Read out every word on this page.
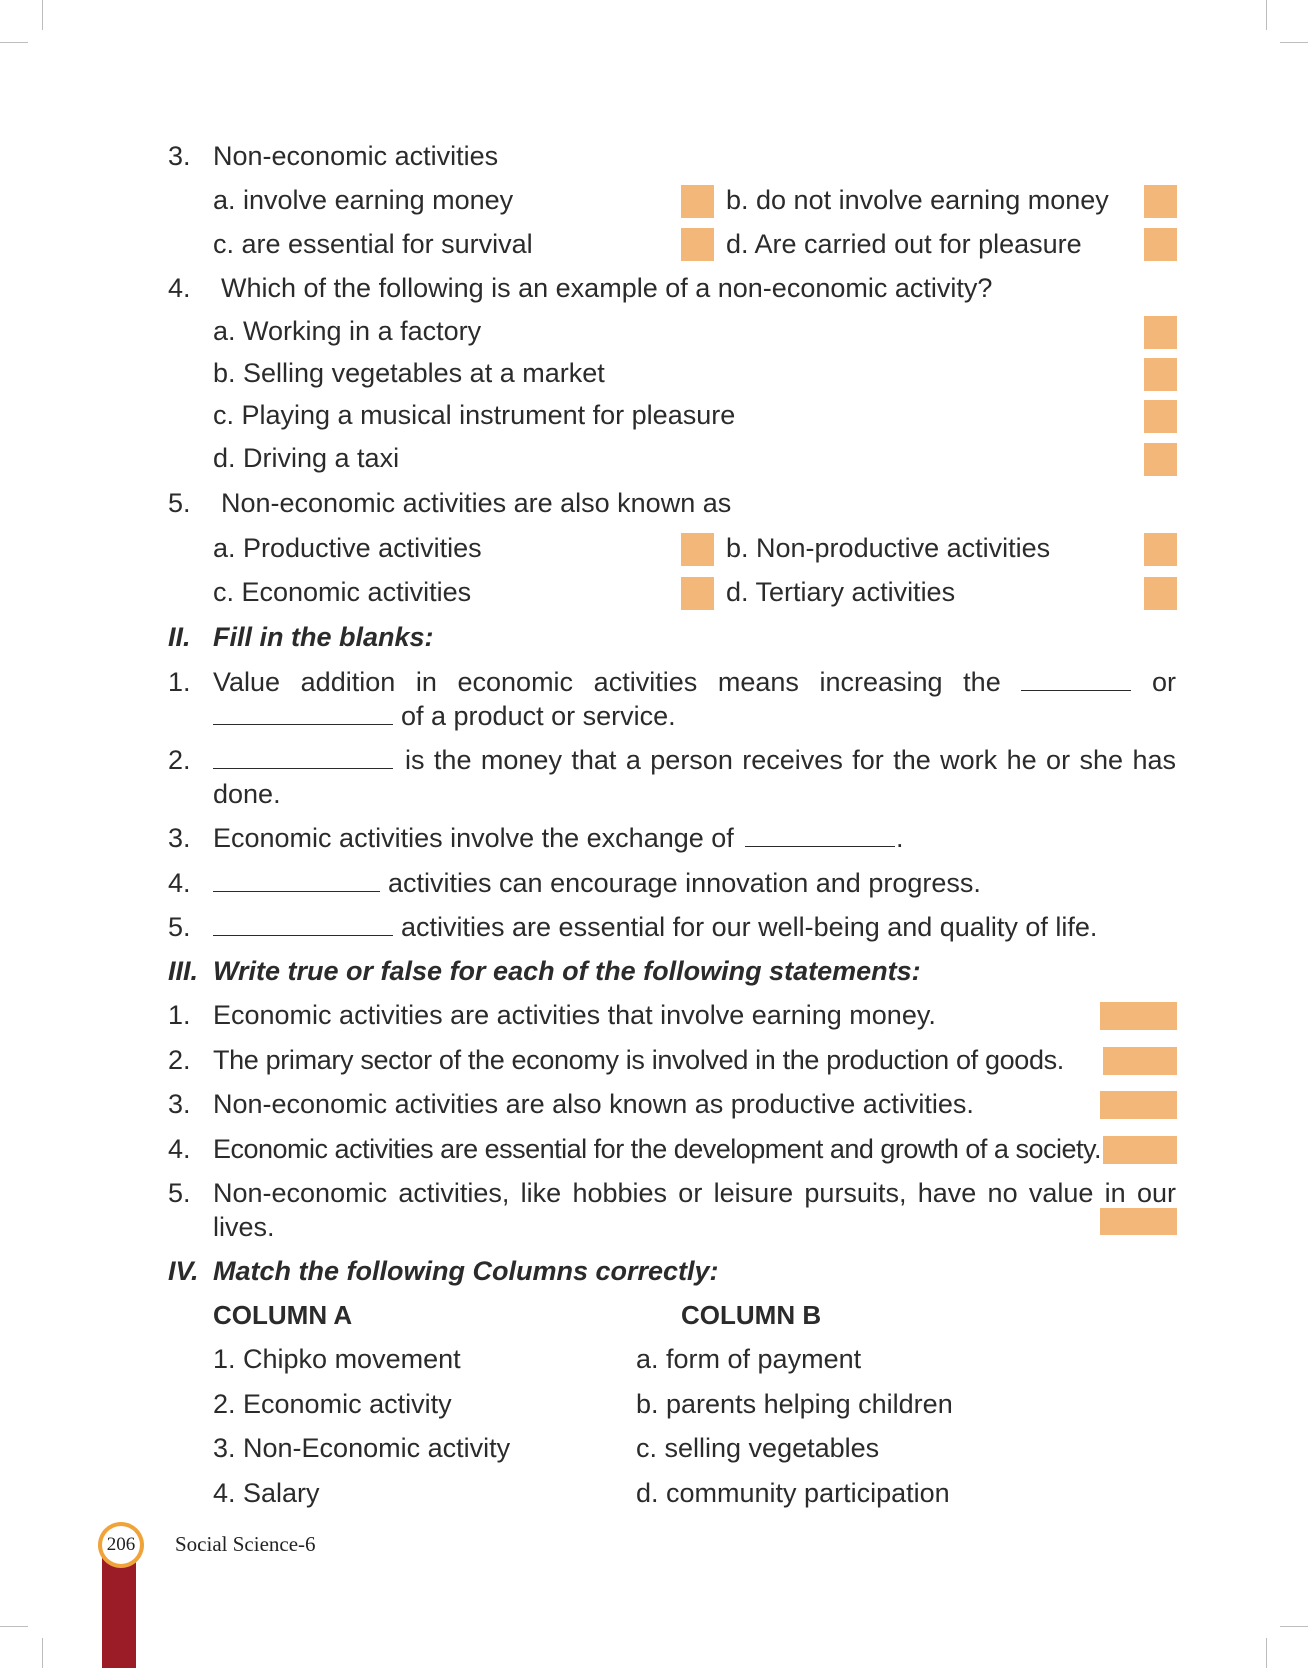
3. Non-economic activities
a. involve earning money	b. do not involve earning money
c. are essential for survival	d. Are carried out for pleasure
4. Which of the following is an example of a non-economic activity?
a. Working in a factory
b. Selling vegetables at a market
c. Playing a musical instrument for pleasure
d. Driving a taxi
5. Non-economic activities are also known as
a. Productive activities	b. Non-productive activities
c. Economic activities	d. Tertiary activities
II. Fill in the blanks:
1. Value addition in economic activities means increasing the	or
of a product or service.
2.	is the money that a person receives for the work he or she has
done.
3. Economic activities involve the exchange of	.
4.	activities can encourage innovation and progress.
5.	activities are essential for our well-being and quality of life.
III. Write true or false for each of the following statements:
1. Economic activities are activities that involve earning money.
2. The primary sector of the economy is involved in the production of goods.
3. Non-economic activities are also known as productive activities.
4. Economic activities are essential for the development and growth of a society.
5. Non-economic activities, like hobbies or leisure pursuits, have no value in our
lives.
IV. Match the following Columns correctly:
COLUMN A	COLUMN B
1. Chipko movement	a. form of payment
2. Economic activity	b. parents helping children
3. Non-Economic activity	c. selling vegetables
4. Salary	d. community participation
206 Social Science-6
